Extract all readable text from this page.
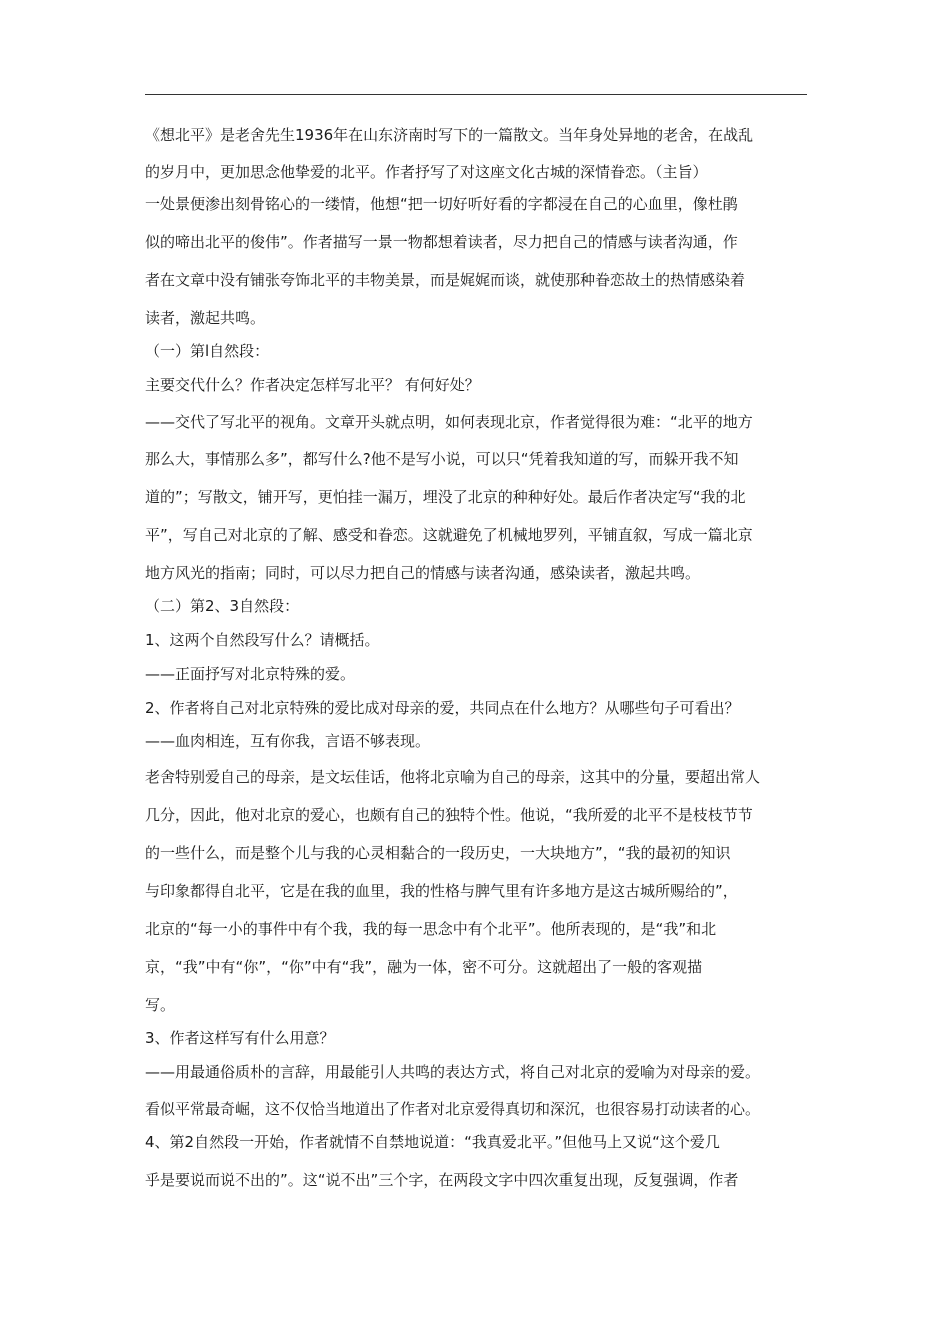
《想北平》是老舍先生1936年在山东济南时写下的一篇散文。当年身处异地的老舍，在战乱
的岁月中，更加思念他挚爱的北平。作者抒写了对这座文化古城的深情眷恋。（主旨）
一处景便渗出刻骨铭心的一缕情，他想“把一切好听好看的字都浸在自己的心血里，像杜鹃
似的啼出北平的俊伟”。作者描写一景一物都想着读者，尽力把自己的情感与读者沟通，作
者在文章中没有铺张夸饰北平的丰物美景，而是娓娓而谈，就使那种眷恋故土的热情感染着
读者，激起共鸣。
（一）第l自然段：
主要交代什么？作者决定怎样写北平？ 有何好处？
——交代了写北平的视角。文章开头就点明，如何表现北京，作者觉得很为难：“北平的地方
那么大，事情那么多”，都写什么?他不是写小说，可以只“凭着我知道的写，而躲开我不知
道的”；写散文，铺开写，更怕挂一漏万，埋没了北京的种种好处。最后作者决定写“我的北
平”，写自己对北京的了解、感受和眷恋。这就避免了机械地罗列，平铺直叙，写成一篇北京
地方风光的指南；同时，可以尽力把自己的情感与读者沟通，感染读者，激起共鸣。
（二）第2、3自然段：
1、这两个自然段写什么？请概括。
——正面抒写对北京特殊的爱。
2、作者将自己对北京特殊的爱比成对母亲的爱，共同点在什么地方？从哪些句子可看出？
——血肉相连，互有你我，言语不够表现。
老舍特别爱自己的母亲，是文坛佳话，他将北京喻为自己的母亲，这其中的分量，要超出常人
几分，因此，他对北京的爱心，也颇有自己的独特个性。他说，“我所爱的北平不是枝枝节节
的一些什么，而是整个儿与我的心灵相黏合的一段历史，一大块地方”，“我的最初的知识
与印象都得自北平，它是在我的血里，我的性格与脾气里有许多地方是这古城所赐给的”，
北京的“每一小的事件中有个我，我的每一思念中有个北平”。他所表现的，是“我”和北
京，“我”中有“你”，“你”中有“我”，融为一体，密不可分。这就超出了一般的客观描
写。
3、作者这样写有什么用意？
——用最通俗质朴的言辞，用最能引人共鸣的表达方式，将自己对北京的爱喻为对母亲的爱。
看似平常最奇崛，这不仅恰当地道出了作者对北京爱得真切和深沉，也很容易打动读者的心。
4、第2自然段一开始，作者就情不自禁地说道：“我真爱北平。”但他马上又说“这个爱几
乎是要说而说不出的”。这“说不出”三个字，在两段文字中四次重复出现，反复强调，作者
